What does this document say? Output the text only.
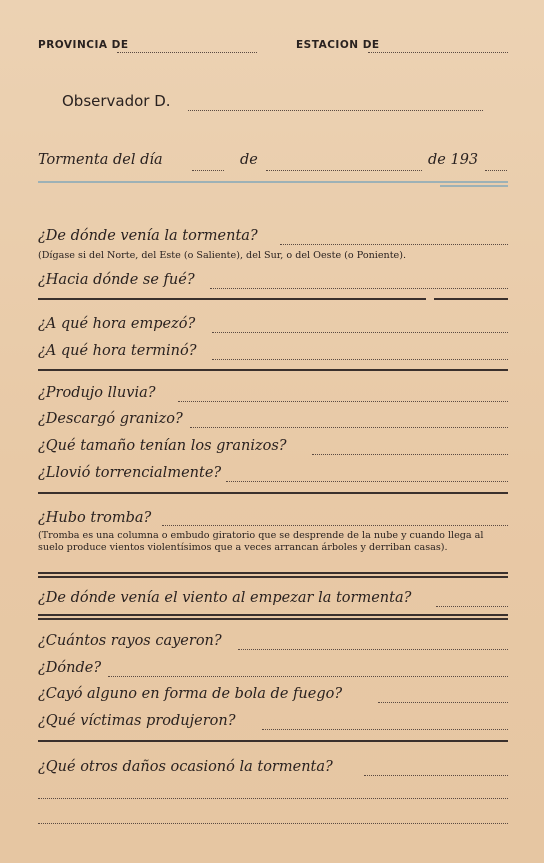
PROVINCIA DE	ESTACION DE
Observador D.
Tormenta del día	de	de 193
¿De dónde venía la tormenta?
(Dígase si del Norte, del Este (o Saliente), del Sur, o del Oeste (o Poniente).
¿Hacia dónde se fué?
¿A qué hora empezó?
¿A qué hora terminó?
¿Produjo lluvia?
¿Descargó granizo?
¿Qué tamaño tenían los granizos?
¿Llovió torrencialmente?
¿Hubo tromba?
(Tromba es una columna o embudo giratorio que se desprende de la nube y cuando llega al suelo produce vientos violentísimos que a veces arrancan árboles y derriban casas).
¿De dónde venía el viento al empezar la tormenta?
¿Cuántos rayos cayeron?
¿Dónde?
¿Cayó alguno en forma de bola de fuego?
¿Qué víctimas produjeron?
¿Qué otros daños ocasionó la tormenta?
